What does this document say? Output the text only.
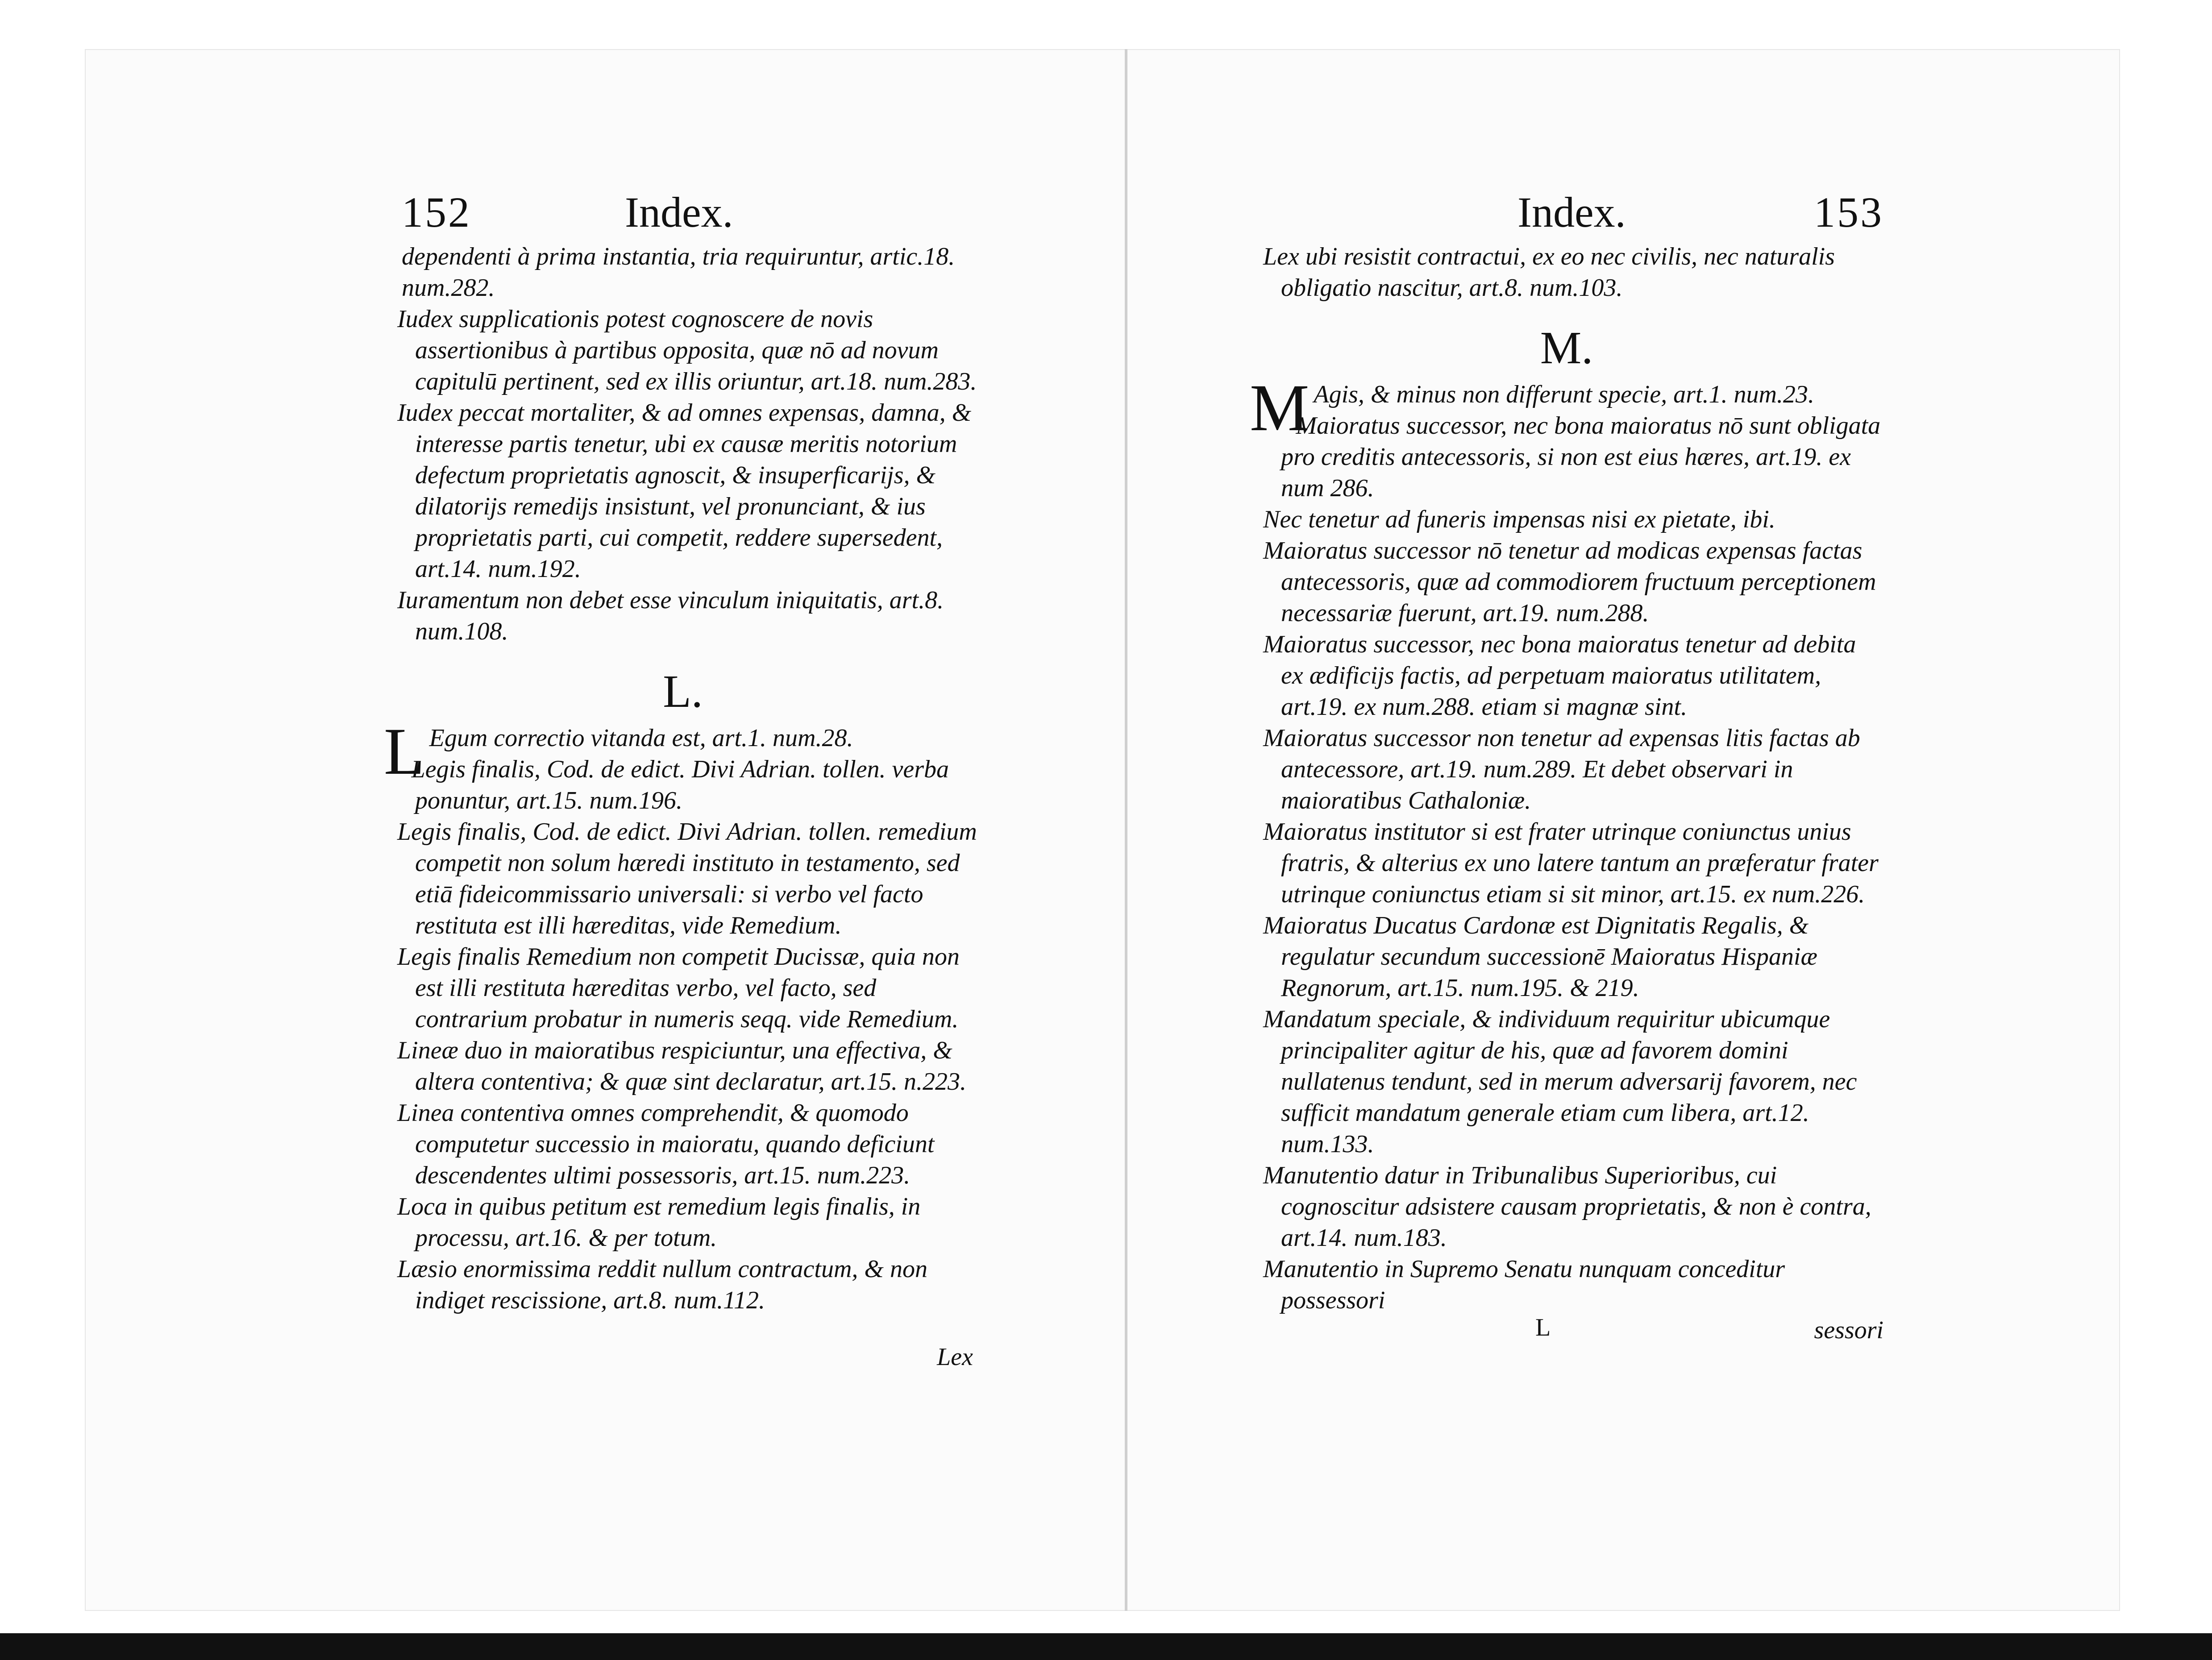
152	Index.

dependenti à prima instantia, tria requiruntur, artic.18. num.282.

Iudex supplicationis potest cognoscere de novis assertionibus à partibus opposita, quæ nō ad novum capitulū pertinent, sed ex illis oriuntur, art.18. num.283.

Iudex peccat mortaliter, & ad omnes expensas, damna, & interesse partis tenetur, ubi ex causæ meritis notorium defectum proprietatis agnoscit, & insuperficarijs, & dilatorijs remedijs insistunt, vel pronunciant, & ius proprietatis parti, cui competit, reddere supersedent, art.14. num.192.

Iuramentum non debet esse vinculum iniquitatis, art.8. num.108.

L.

L Egum correctio vitanda est, art.1. num.28.

Legis finalis, Cod. de edict. Divi Adrian. tollen. verba ponuntur, art.15. num.196.

Legis finalis, Cod. de edict. Divi Adrian. tollen. remedium competit non solum hæredi instituto in testamento, sed etiā fideicommissario universali: si verbo vel facto restituta est illi hæreditas, vide Remedium.

Legis finalis Remedium non competit Ducissæ, quia non est illi restituta hæreditas verbo, vel facto, sed contrarium probatur in numeris seqq. vide Remedium.

Lineæ duo in maioratibus respiciuntur, una effectiva, & altera contentiva; & quæ sint declaratur, art.15. n.223.

Linea contentiva omnes comprehendit, & quomodo computetur successio in maioratu, quando deficiunt descendentes ultimi possessoris, art.15. num.223.

Loca in quibus petitum est remedium legis finalis, in processu, art.16. & per totum.

Læsio enormissima reddit nullum contractum, & non indiget rescissione, art.8. num.112.

Lex
Index.	153

Lex ubi resistit contractui, ex eo nec civilis, nec naturalis obligatio nascitur, art.8. num.103.

M.

M Agis, & minus non differunt specie, art.1. num.23.

Maioratus successor, nec bona maioratus nō sunt obligata pro creditis antecessoris, si non est eius hæres, art.19. ex num 286.

Nec tenetur ad funeris impensas nisi ex pietate, ibi.

Maioratus successor nō tenetur ad modicas expensas factas antecessoris, quæ ad commodiorem fructuum perceptionem necessariæ fuerunt, art.19. num.288.

Maioratus successor, nec bona maioratus tenetur ad debita ex ædificijs factis, ad perpetuam maioratus utilitatem, art.19. ex num.288. etiam si magnæ sint.

Maioratus successor non tenetur ad expensas litis factas ab antecessore, art.19. num.289. Et debet observari in maioratibus Cathaloniæ.

Maioratus institutor si est frater utrinque coniunctus unius fratris, & alterius ex uno latere tantum an præferatur frater utrinque coniunctus etiam si sit minor, art.15. ex num.226.

Maioratus Ducatus Cardonæ est Dignitatis Regalis, & regulatur secundum successionē Maioratus Hispaniæ Regnorum, art.15. num.195. & 219.

Mandatum speciale, & individuum requiritur ubicumque principaliter agitur de his, quæ ad favorem domini nullatenus tendunt, sed in merum adversarij favorem, nec sufficit mandatum generale etiam cum libera, art.12. num.133.

Manutentio datur in Tribunalibus Superioribus, cui cognoscitur adsistere causam proprietatis, & non è contra, art.14. num.183.

Manutentio in Supremo Senatu nunquam conceditur possessori

sessori
L
